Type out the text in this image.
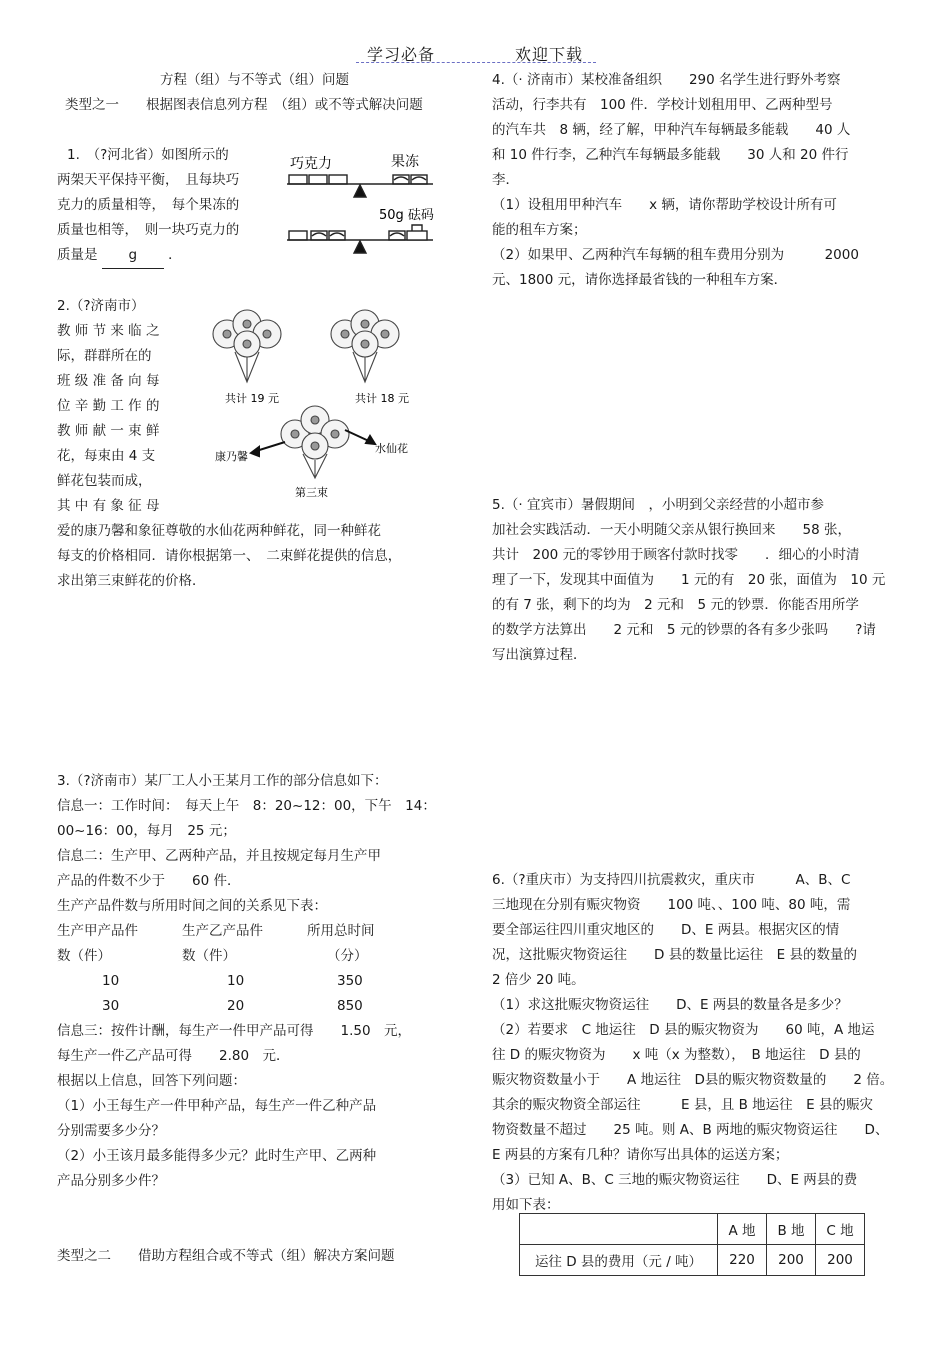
学习必备	欢迎下载

方程（组）与不等式（组）问题

类型之一　　根据图表信息列方程　（组）或不等式解决问题

1.　（?河北省）如图所示的

两架天平保持平衡，　且每块巧

克力的质量相等，　每个果冻的

质量也相等，　则一块巧克力的

质量是 g ．

2.（?济南市）

教 师 节 来 临 之

际，群群所在的

班 级 准 备 向 每

位 辛 勤 工 作 的

教 师 献 一 束 鲜

花，每束由 4 支

鲜花包装而成，

其 中 有 象 征 母

爱的康乃馨和象征尊敬的水仙花两种鲜花，同一种鲜花

每支的价格相同．请你根据第一、　二束鲜花提供的信息，

求出第三束鲜花的价格．

3.（?济南市）某厂工人小王某月工作的部分信息如下：

信息一：工作时间：　每天上午　8：20~12：00，下午　14：

00~16：00，每月　25 元；

信息二：生产甲、乙两种产品，并且按规定每月生产甲

产品的件数不少于　　60 件．

生产产品件数与所用时间之间的关系见下表：

生产甲产品件	生产乙产品件	所用总时间
数（件）	数（件）	（分）
10	10	350
30	20	850

信息三：按件计酬，每生产一件甲产品可得　　1.50　元，

每生产一件乙产品可得　　2.80　元．

根据以上信息，回答下列问题：

（1）小王每生产一件甲种产品，每生产一件乙种产品

分别需要多少分？

（2）小王该月最多能得多少元？此时生产甲、乙两种

产品分别多少件？

类型之二　　借助方程组合或不等式（组）解决方案问题

巧克力	果冻
50g 砝码
共计 19 元	共计 18 元
康乃馨
水仙花
第三束

4.（· 济南市）某校准备组织　　290 名学生进行野外考察

活动，行李共有　100 件．学校计划租用甲、乙两种型号

的汽车共　8 辆，经了解，甲种汽车每辆最多能载　　40 人

和 10 件行李，乙种汽车每辆最多能载　　30 人和 20 件行

李．

（1）设租用甲种汽车　　x 辆，请你帮助学校设计所有可

能的租车方案；

（2）如果甲、乙两种汽车每辆的租车费用分别为　　　2000

元、1800 元，请你选择最省钱的一种租车方案．

5.（· 宜宾市）暑假期间　，小明到父亲经营的小超市参

加社会实践活动．一天小明随父亲从银行换回来　　58 张，

共计　200 元的零钞用于顾客付款时找零　　．细心的小时清

理了一下，发现其中面值为　　1 元的有　20 张，面值为　10 元

的有 7 张，剩下的均为　2 元和　5 元的钞票．你能否用所学

的数学方法算出　　2 元和　5 元的钞票的各有多少张吗　　?请

写出演算过程．

6.（?重庆市）为支持四川抗震救灾，重庆市　　　A、B、C

三地现在分别有赈灾物资　　100 吨、、100 吨、80 吨，需

要全部运往四川重灾地区的　　D、E 两县。根据灾区的情

况，这批赈灾物资运往　　D 县的数量比运往　E 县的数量的

2 倍少 20 吨。

（1）求这批赈灾物资运往　　D、E 两县的数量各是多少？

（2）若要求　C 地运往　D 县的赈灾物资为　　60 吨，A 地运

往 D 的赈灾物资为　　x 吨（x 为整数），　B 地运往　D 县的

赈灾物资数量小于　　A 地运往　D县的赈灾物资数量的　　2 倍。

其余的赈灾物资全部运往　　　E 县，且 B 地运往　E 县的赈灾

物资数量不超过　　25 吨。则 A、B 两地的赈灾物资运往　　D、

E 两县的方案有几种？请你写出具体的运送方案；

（3）已知 A、B、C 三地的赈灾物资运往　　D、E 两县的费

用如下表：

	A 地	B 地	C 地
运往 D 县的费用（元 / 吨）	220	200	200
